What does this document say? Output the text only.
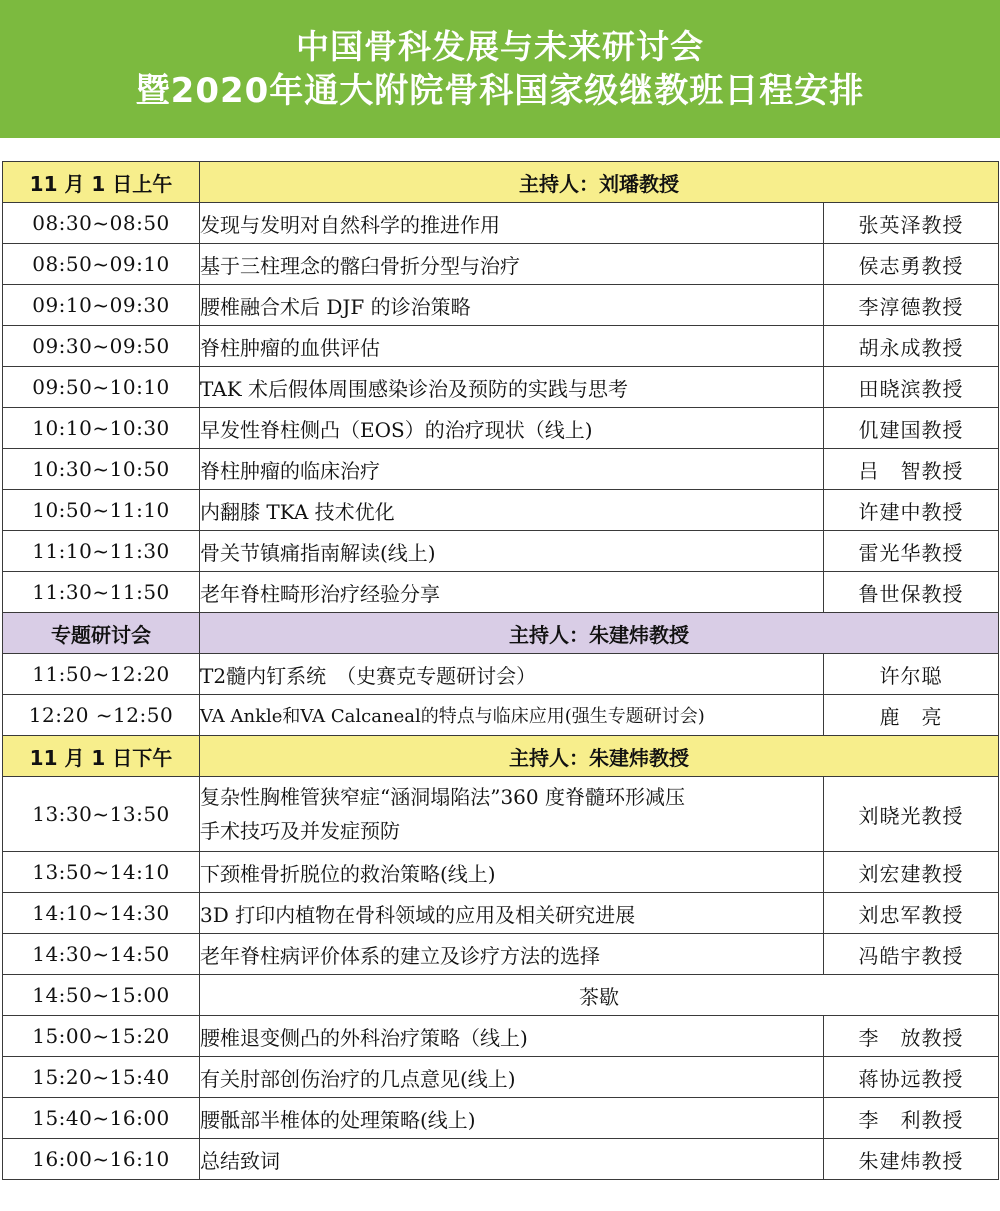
中国骨科发展与未来研讨会
暨2020年通大附院骨科国家级继教班日程安排
11 月 1 日上午	主持人：刘璠教授	
08:30~08:50	发现与发明对自然科学的推进作用	张英泽教授
08:50~09:10	基于三柱理念的髂臼骨折分型与治疗	侯志勇教授
09:10~09:30	腰椎融合术后 DJF 的诊治策略	李淳德教授
09:30~09:50	脊柱肿瘤的血供评估	胡永成教授
09:50~10:10	TAK 术后假体周围感染诊治及预防的实践与思考	田晓滨教授
10:10~10:30	早发性脊柱侧凸（EOS）的治疗现状（线上)	仉建国教授
10:30~10:50	脊柱肿瘤的临床治疗	吕　智教授
10:50~11:10	内翻膝 TKA 技术优化	许建中教授
11:10~11:30	骨关节镇痛指南解读(线上)	雷光华教授
11:30~11:50	老年脊柱畸形治疗经验分享	鲁世保教授
专题研讨会	主持人：朱建炜教授	
11:50~12:20	T2髓内钉系统　（史赛克专题研讨会）	许尔聪
12:20 ~12:50	VA Ankle和VA Calcaneal的特点与临床应用(强生专题研讨会)	鹿　亮
11 月 1 日下午	主持人：朱建炜教授	
13:30~13:50	复杂性胸椎管狭窄症“涵洞塌陷法”360 度脊髓环形减压
手术技巧及并发症预防	刘晓光教授
13:50~14:10	下颈椎骨折脱位的救治策略(线上)	刘宏建教授
14:10~14:30	3D 打印内植物在骨科领域的应用及相关研究进展	刘忠军教授
14:30~14:50	老年脊柱病评价体系的建立及诊疗方法的选择	冯皓宇教授
14:50~15:00	茶歇	
15:00~15:20	腰椎退变侧凸的外科治疗策略（线上)	李　放教授
15:20~15:40	有关肘部创伤治疗的几点意见(线上)	蒋协远教授
15:40~16:00	腰骶部半椎体的处理策略(线上)	李　利教授
16:00~16:10	总结致词	朱建炜教授
